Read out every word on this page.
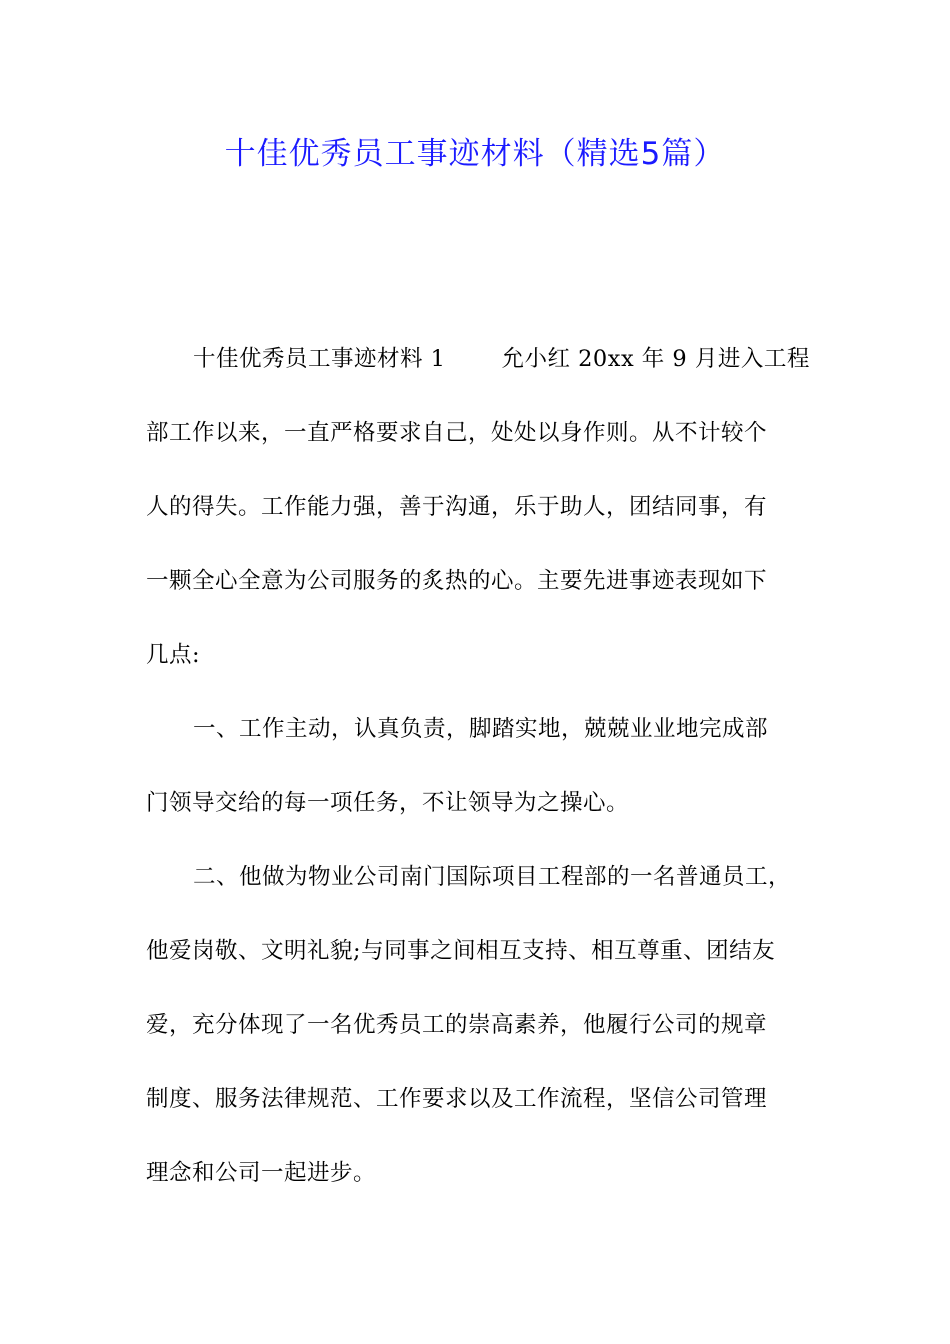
十佳优秀员工事迹材料（精选5篇）
十佳优秀员工事迹材料 1 允小红 20xx 年 9 月进入工程
部工作以来，一直严格要求自己，处处以身作则。从不计较个
人的得失。工作能力强，善于沟通，乐于助人，团结同事，有
一颗全心全意为公司服务的炙热的心。主要先进事迹表现如下
几点:
一、工作主动，认真负责，脚踏实地，兢兢业业地完成部
门领导交给的每一项任务，不让领导为之操心。
二、他做为物业公司南门国际项目工程部的一名普通员工，
他爱岗敬、文明礼貌;与同事之间相互支持、相互尊重、团结友
爱，充分体现了一名优秀员工的崇高素养，他履行公司的规章
制度、服务法律规范、工作要求以及工作流程，坚信公司管理
理念和公司一起进步。
